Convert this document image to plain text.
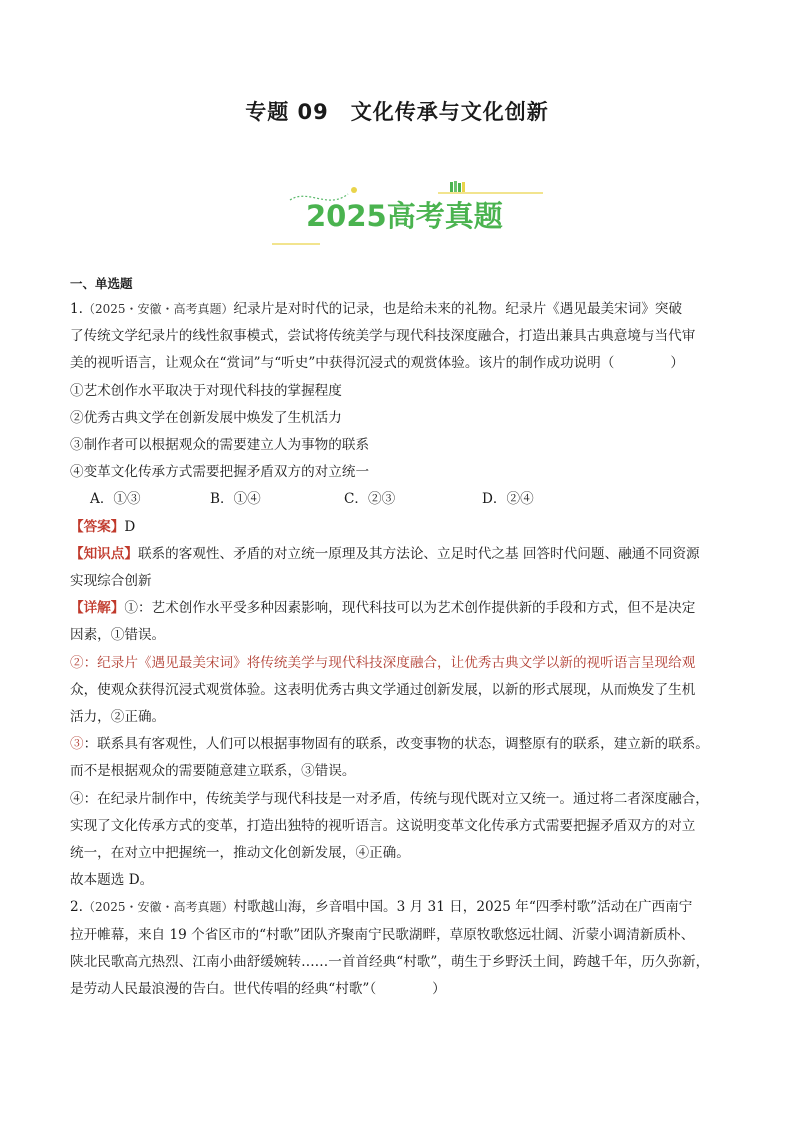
专题 09　文化传承与文化创新
2025高考真题
一、单选题
1.（2025・安徽・高考真题）纪录片是对时代的记录，也是给未来的礼物。纪录片《遇见最美宋词》突破
了传统文学纪录片的线性叙事模式，尝试将传统美学与现代科技深度融合，打造出兼具古典意境与当代审
美的视听语言，让观众在“赏词”与“听史”中获得沉浸式的观赏体验。该片的制作成功说明（	）
①艺术创作水平取决于对现代科技的掌握程度
②优秀古典文学在创新发展中焕发了生机活力
③制作者可以根据观众的需要建立人为事物的联系
④变革文化传承方式需要把握矛盾双方的对立统一
A．①③	B．①④	C．②③	D．②④
【答案】D
【知识点】联系的客观性、矛盾的对立统一原理及其方法论、立足时代之基 回答时代问题、融通不同资源
实现综合创新
【详解】①：艺术创作水平受多种因素影响，现代科技可以为艺术创作提供新的手段和方式，但不是决定
因素，①错误。
②：纪录片《遇见最美宋词》将传统美学与现代科技深度融合，让优秀古典文学以新的视听语言呈现给观
众，使观众获得沉浸式观赏体验。这表明优秀古典文学通过创新发展，以新的形式展现，从而焕发了生机
活力，②正确。
③：联系具有客观性，人们可以根据事物固有的联系，改变事物的状态，调整原有的联系，建立新的联系。
而不是根据观众的需要随意建立联系，③错误。
④：在纪录片制作中，传统美学与现代科技是一对矛盾，传统与现代既对立又统一。通过将二者深度融合，
实现了文化传承方式的变革，打造出独特的视听语言。这说明变革文化传承方式需要把握矛盾双方的对立
统一，在对立中把握统一，推动文化创新发展，④正确。
故本题选 D。
2.（2025・安徽・高考真题）村歌越山海，乡音唱中国。3 月 31 日，2025 年“四季村歌”活动在广西南宁
拉开帷幕，来自 19 个省区市的“村歌”团队齐聚南宁民歌湖畔，草原牧歌悠远壮阔、沂蒙小调清新质朴、
陕北民歌高亢热烈、江南小曲舒缓婉转……一首首经典“村歌”，萌生于乡野沃土间，跨越千年，历久弥新，
是劳动人民最浪漫的告白。世代传唱的经典“村歌”（	）
